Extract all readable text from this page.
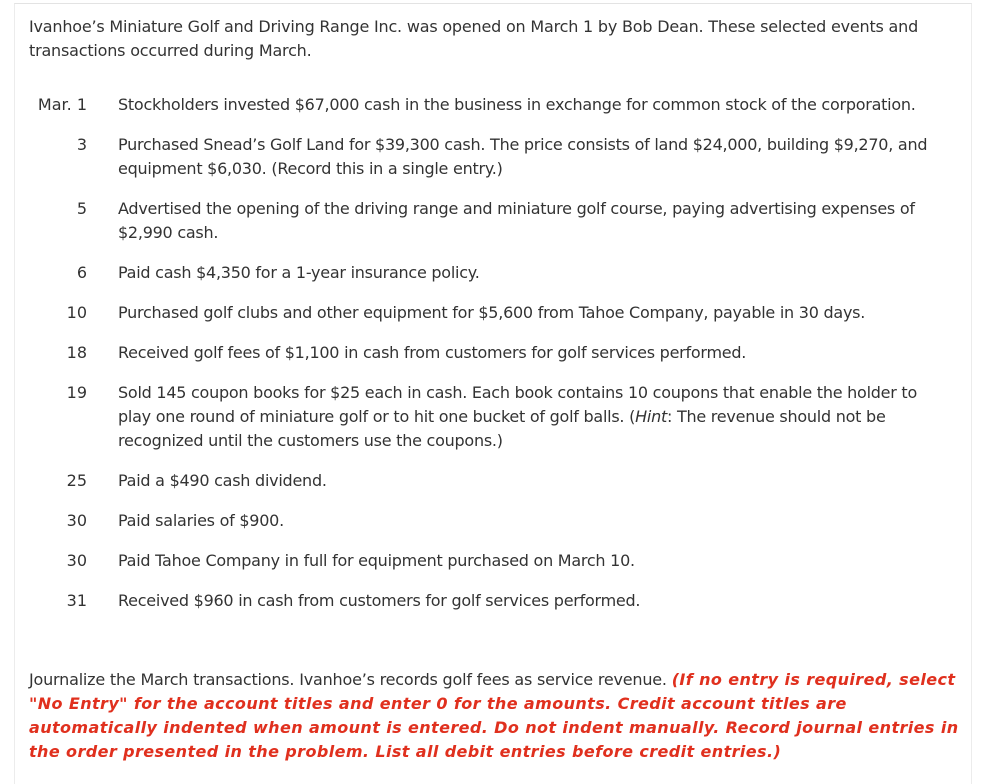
Ivanhoe’s Miniature Golf and Driving Range Inc. was opened on March 1 by Bob Dean. These selected events and transactions occurred during March.

Mar. 1 Stockholders invested $67,000 cash in the business in exchange for common stock of the corporation.
3 Purchased Snead’s Golf Land for $39,300 cash. The price consists of land $24,000, building $9,270, and equipment $6,030. (Record this in a single entry.)
5 Advertised the opening of the driving range and miniature golf course, paying advertising expenses of $2,990 cash.
6 Paid cash $4,350 for a 1-year insurance policy.
10 Purchased golf clubs and other equipment for $5,600 from Tahoe Company, payable in 30 days.
18 Received golf fees of $1,100 in cash from customers for golf services performed.
19 Sold 145 coupon books for $25 each in cash. Each book contains 10 coupons that enable the holder to play one round of miniature golf or to hit one bucket of golf balls. (Hint: The revenue should not be recognized until the customers use the coupons.)
25 Paid a $490 cash dividend.
30 Paid salaries of $900.
30 Paid Tahoe Company in full for equipment purchased on March 10.
31 Received $960 in cash from customers for golf services performed.

Journalize the March transactions. Ivanhoe’s records golf fees as service revenue. (If no entry is required, select "No Entry" for the account titles and enter 0 for the amounts. Credit account titles are automatically indented when amount is entered. Do not indent manually. Record journal entries in the order presented in the problem. List all debit entries before credit entries.)
